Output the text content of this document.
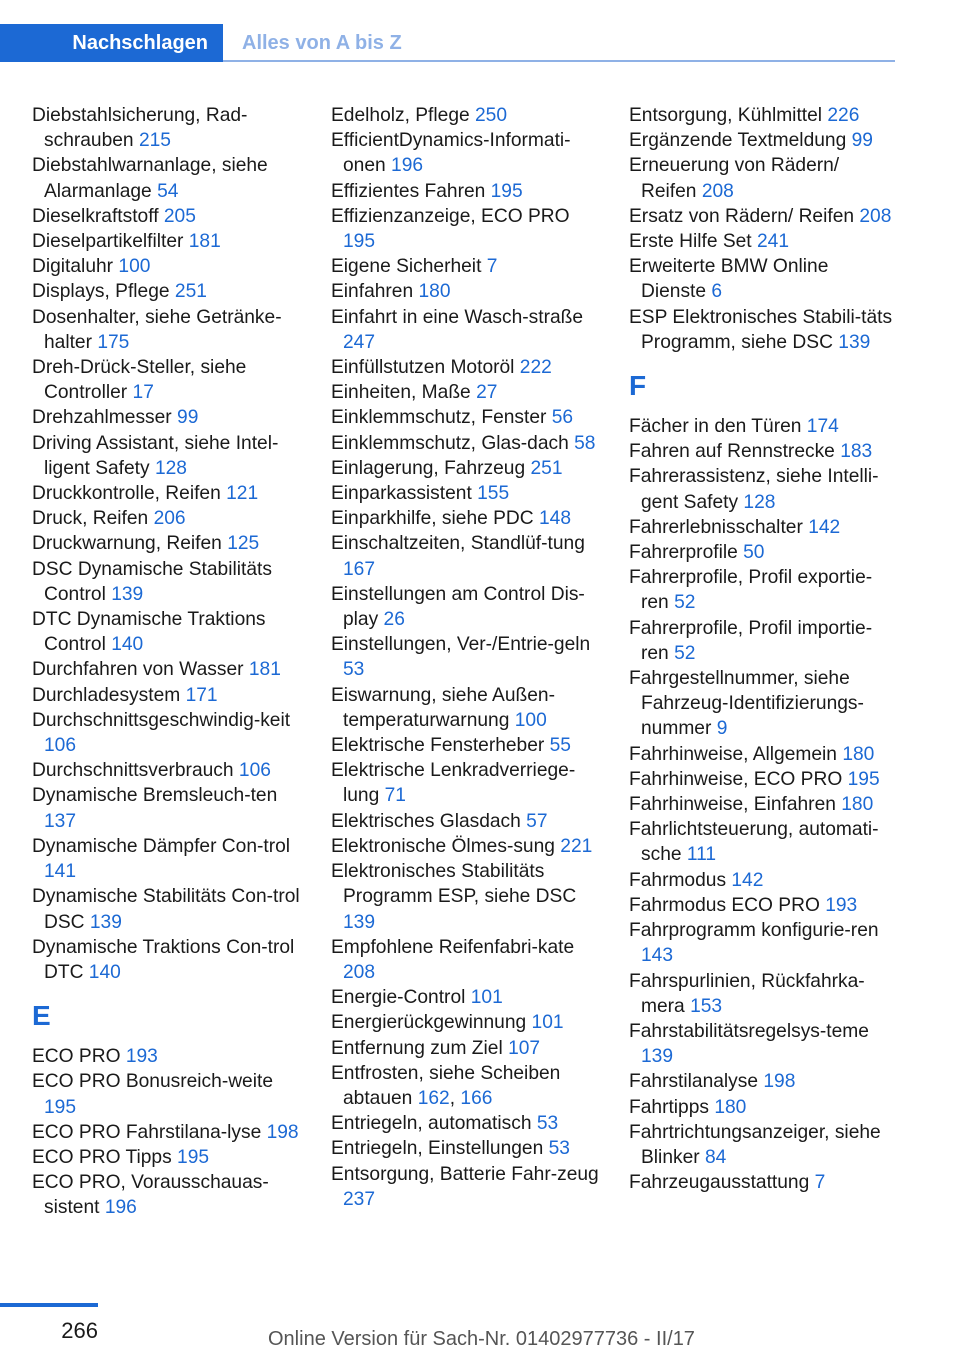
Nachschlagen	Alles von A bis Z
Diebstahlsicherung, Rad-schrauben 215
Diebstahlwarnanlage, siehe Alarmanlage 54
Dieselkraftstoff 205
Dieselpartikelfilter 181
Digitaluhr 100
Displays, Pflege 251
Dosenhalter, siehe Getränke-halter 175
Dreh-Drück-Steller, siehe Controller 17
Drehzahlmesser 99
Driving Assistant, siehe Intel-ligent Safety 128
Druckkontrolle, Reifen 121
Druck, Reifen 206
Druckwarnung, Reifen 125
DSC Dynamische Stabilitäts Control 139
DTC Dynamische Traktions Control 140
Durchfahren von Wasser 181
Durchladesystem 171
Durchschnittsgeschwindig-keit 106
Durchschnittsverbrauch 106
Dynamische Bremsleuch-ten 137
Dynamische Dämpfer Con-trol 141
Dynamische Stabilitäts Con-trol DSC 139
Dynamische Traktions Con-trol DTC 140
E
ECO PRO 193
ECO PRO Bonusreich-weite 195
ECO PRO Fahrstilana-lyse 198
ECO PRO Tipps 195
ECO PRO, Vorausschauas-sistent 196
Edelholz, Pflege 250
EfficientDynamics-Informati-onen 196
Effizientes Fahren 195
Effizienzanzeige, ECO PRO 195
Eigene Sicherheit 7
Einfahren 180
Einfahrt in eine Wasch-straße 247
Einfüllstutzen Motoröl 222
Einheiten, Maße 27
Einklemmschutz, Fenster 56
Einklemmschutz, Glas-dach 58
Einlagerung, Fahrzeug 251
Einparkassistent 155
Einparkhilfe, siehe PDC 148
Einschaltzeiten, Standlüf-tung 167
Einstellungen am Control Dis-play 26
Einstellungen, Ver-/Entrie-geln 53
Eiswarnung, siehe Außen-temperaturwarnung 100
Elektrische Fensterheber 55
Elektrische Lenkradverriege-lung 71
Elektrisches Glasdach 57
Elektronische Ölmes-sung 221
Elektronisches Stabilitäts Programm ESP, siehe DSC 139
Empfohlene Reifenfabri-kate 208
Energie-Control 101
Energierückgewinnung 101
Entfernung zum Ziel 107
Entfrosten, siehe Scheiben abtauen 162, 166
Entriegeln, automatisch 53
Entriegeln, Einstellungen 53
Entsorgung, Batterie Fahr-zeug 237
Entsorgung, Kühlmittel 226
Ergänzende Textmeldung 99
Erneuerung von Rädern/ Reifen 208
Ersatz von Rädern/ Reifen 208
Erste Hilfe Set 241
Erweiterte BMW Online Dienste 6
ESP Elektronisches Stabili-täts Programm, siehe DSC 139
F
Fächer in den Türen 174
Fahren auf Rennstrecke 183
Fahrerassistenz, siehe Intelli-gent Safety 128
Fahrerlebnisschalter 142
Fahrerprofile 50
Fahrerprofile, Profil exportie-ren 52
Fahrerprofile, Profil importie-ren 52
Fahrgestellnummer, siehe Fahrzeug-Identifizierungs-nummer 9
Fahrhinweise, Allgemein 180
Fahrhinweise, ECO PRO 195
Fahrhinweise, Einfahren 180
Fahrlichtsteuerung, automati-sche 111
Fahrmodus 142
Fahrmodus ECO PRO 193
Fahrprogramm konfigurie-ren 143
Fahrspurlinien, Rückfahrka-mera 153
Fahrstabilitätsregelsys-teme 139
Fahrstilanalyse 198
Fahrtipps 180
Fahrtrichtungsanzeiger, siehe Blinker 84
Fahrzeugausstattung 7
266	Online Version für Sach-Nr. 01402977736 - II/17
